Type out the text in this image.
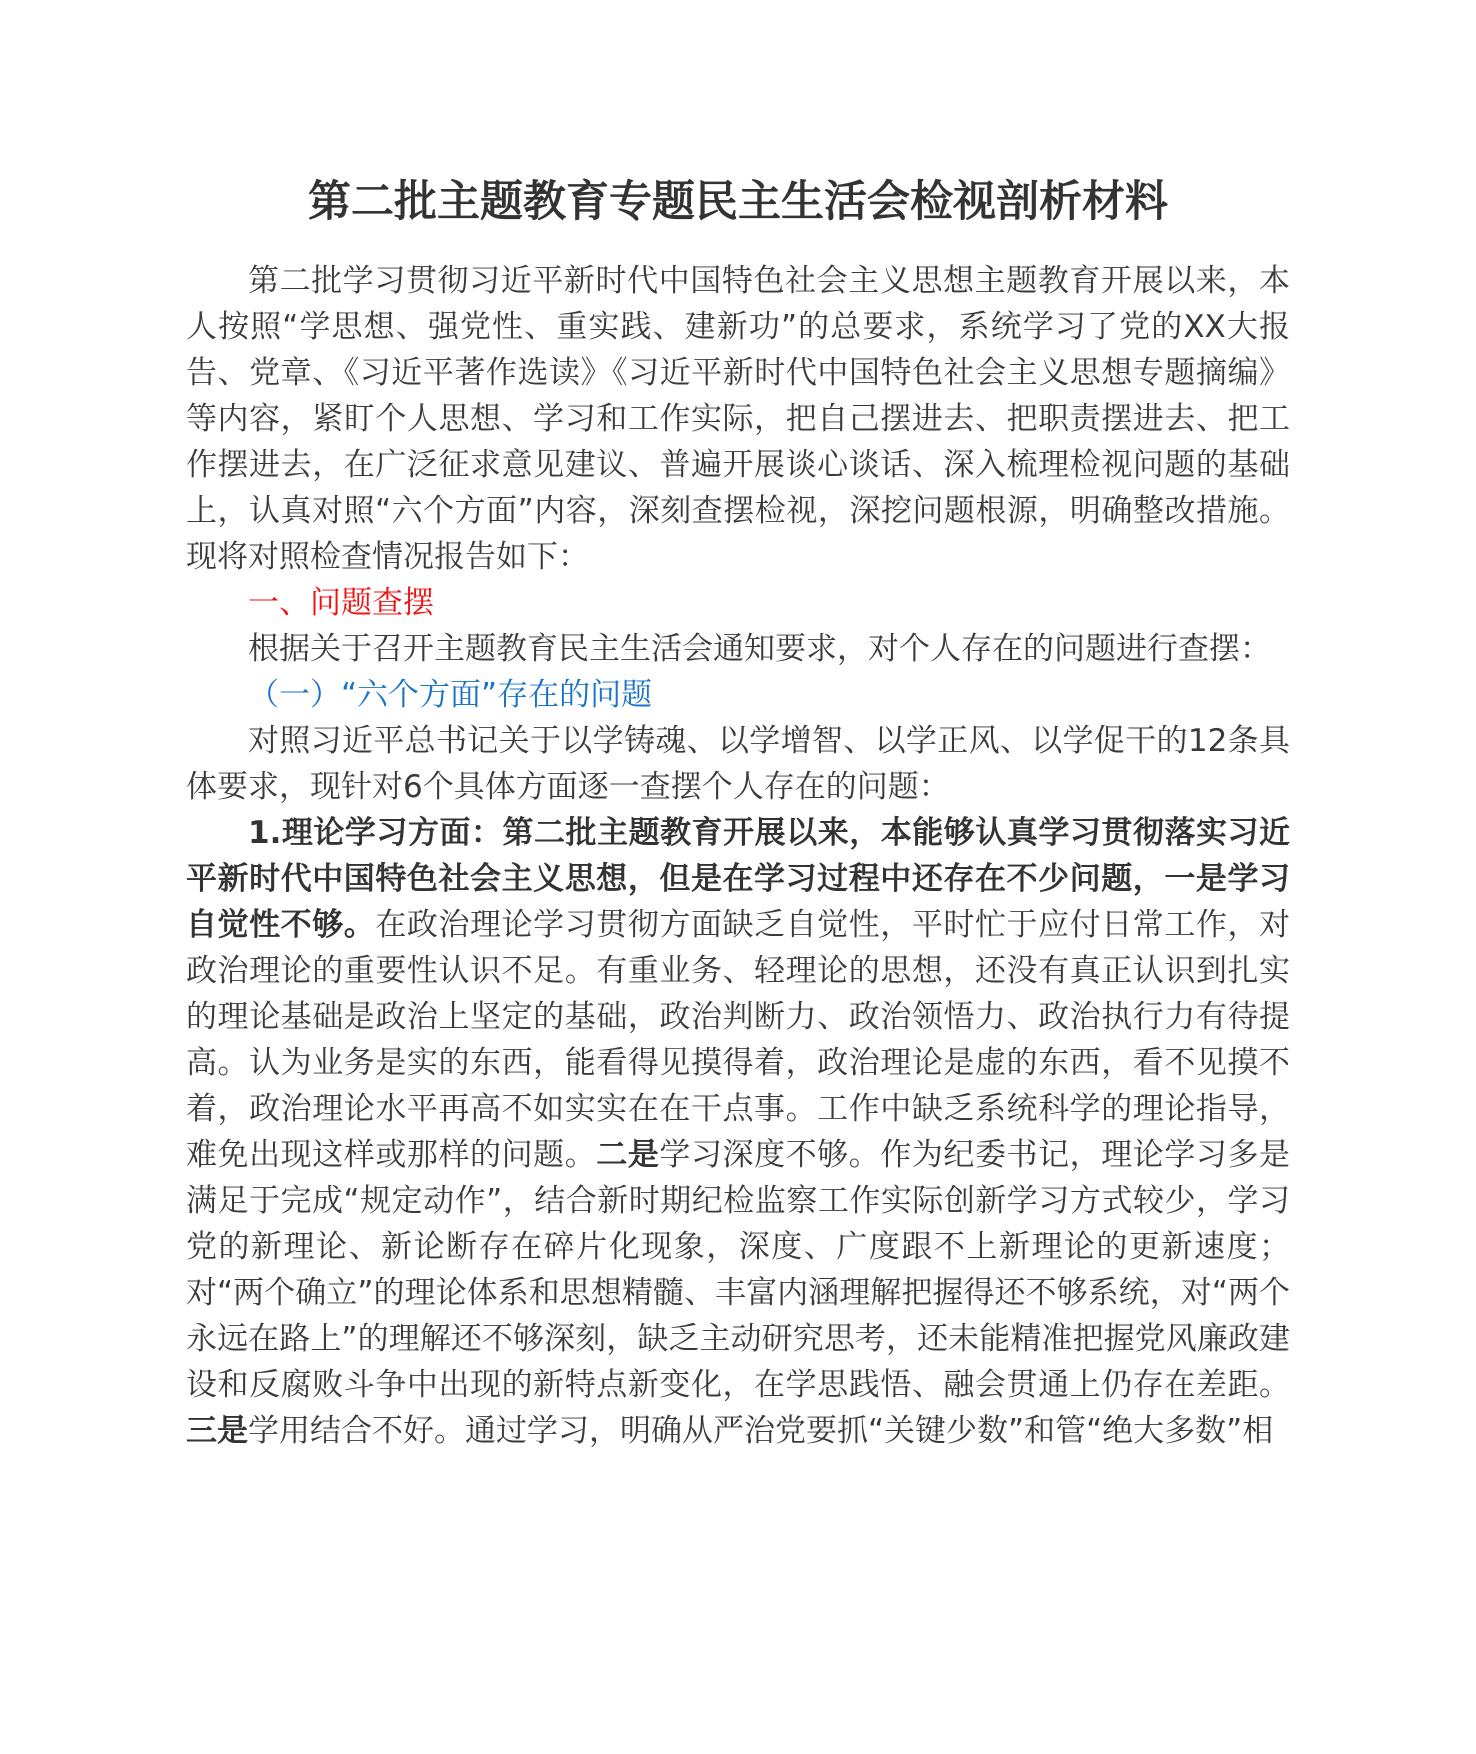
第二批主题教育专题民主生活会检视剖析材料

第二批学习贯彻习近平新时代中国特色社会主义思想主题教育开展以来，本人按照“学思想、强党性、重实践、建新功”的总要求，系统学习了党的XX大报告、党章、《习近平著作选读》《习近平新时代中国特色社会主义思想专题摘编》等内容，紧盯个人思想、学习和工作实际，把自己摆进去、把职责摆进去、把工作摆进去，在广泛征求意见建议、普遍开展谈心谈话、深入梳理检视问题的基础上，认真对照“六个方面”内容，深刻查摆检视，深挖问题根源，明确整改措施。现将对照检查情况报告如下：

一、问题查摆

根据关于召开主题教育民主生活会通知要求，对个人存在的问题进行查摆：

（一）“六个方面”存在的问题

对照习近平总书记关于以学铸魂、以学增智、以学正风、以学促干的12条具体要求，现针对6个具体方面逐一查摆个人存在的问题：

1.理论学习方面：第二批主题教育开展以来，本能够认真学习贯彻落实习近平新时代中国特色社会主义思想，但是在学习过程中还存在不少问题，一是学习自觉性不够。在政治理论学习贯彻方面缺乏自觉性，平时忙于应付日常工作，对政治理论的重要性认识不足。有重业务、轻理论的思想，还没有真正认识到扎实的理论基础是政治上坚定的基础，政治判断力、政治领悟力、政治执行力有待提高。认为业务是实的东西，能看得见摸得着，政治理论是虚的东西，看不见摸不着，政治理论水平再高不如实实在在干点事。工作中缺乏系统科学的理论指导，难免出现这样或那样的问题。二是学习深度不够。作为纪委书记，理论学习多是满足于完成“规定动作”，结合新时期纪检监察工作实际创新学习方式较少，学习党的新理论、新论断存在碎片化现象，深度、广度跟不上新理论的更新速度；对“两个确立”的理论体系和思想精髓、丰富内涵理解把握得还不够系统，对“两个永远在路上”的理解还不够深刻，缺乏主动研究思考，还未能精准把握党风廉政建设和反腐败斗争中出现的新特点新变化，在学思践悟、融会贯通上仍存在差距。三是学用结合不好。通过学习，明确从严治党要抓“关键少数”和管“绝大多数”相
